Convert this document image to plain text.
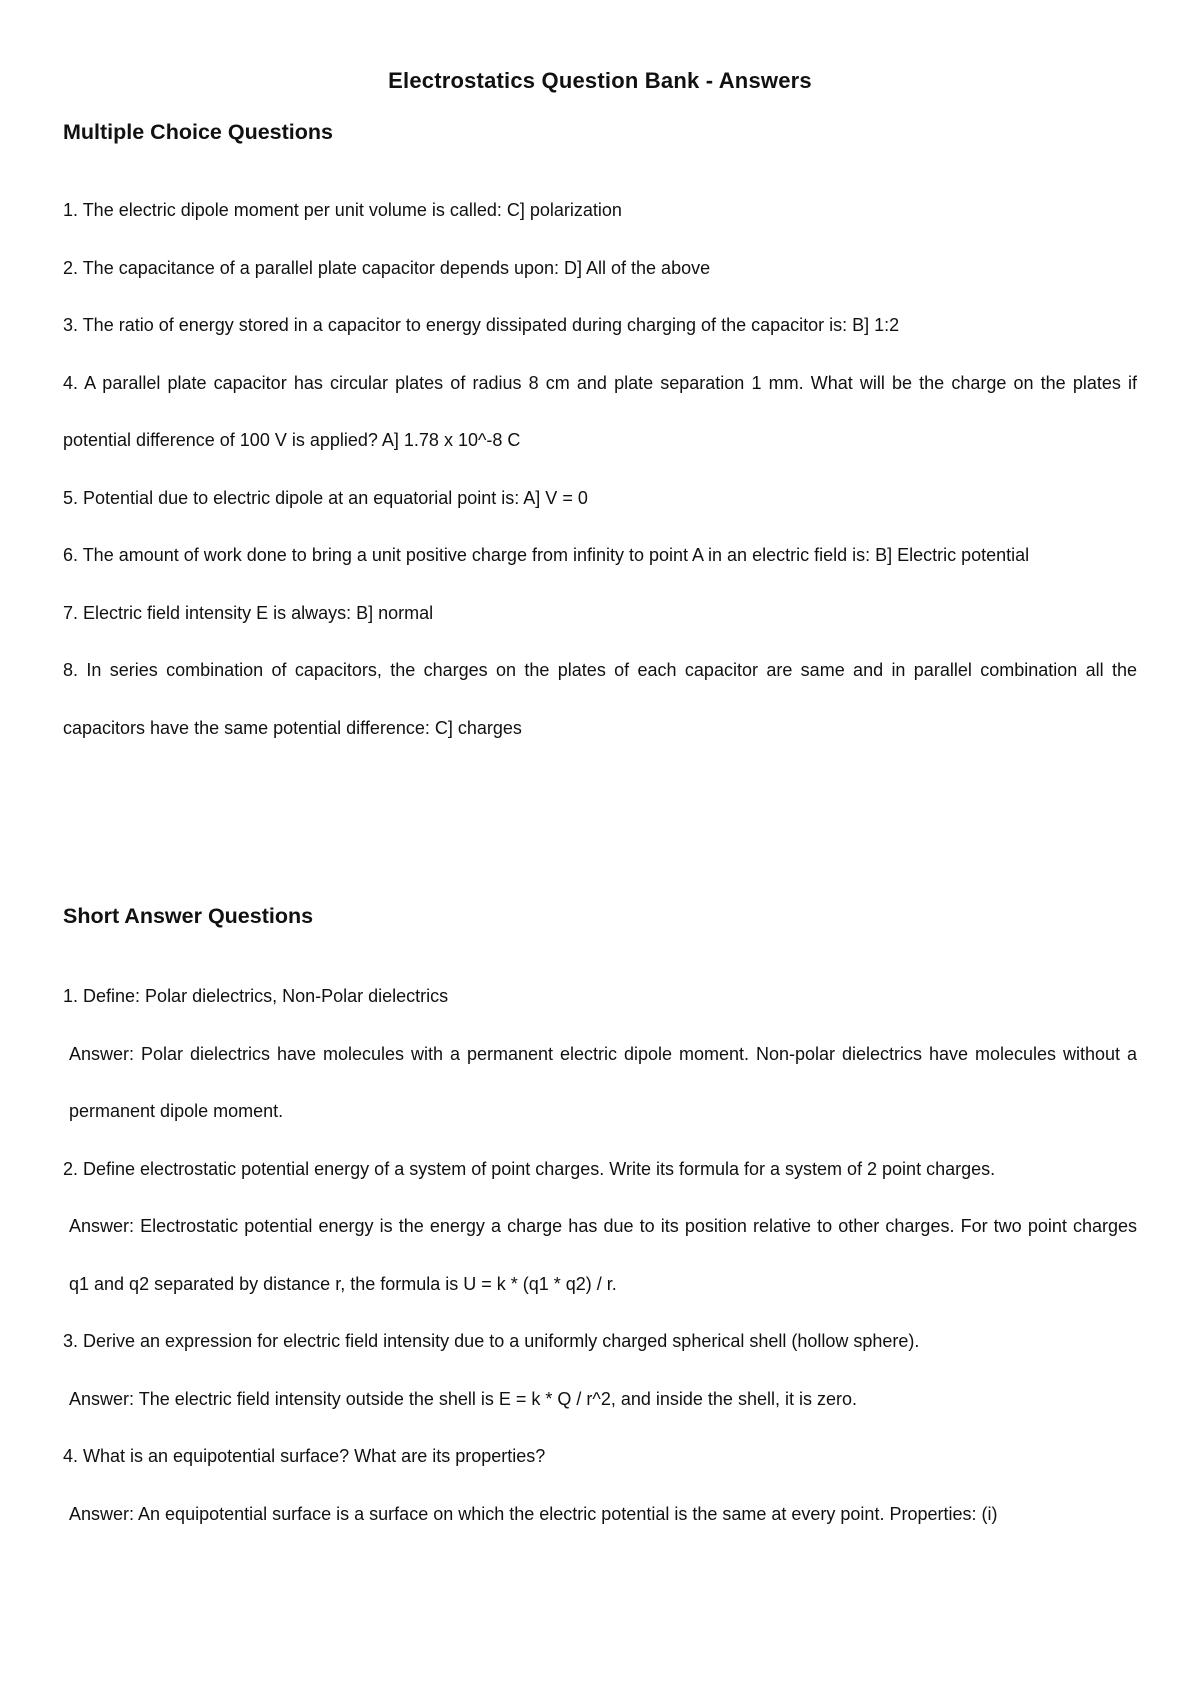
Electrostatics Question Bank - Answers
Multiple Choice Questions

1. The electric dipole moment per unit volume is called: C] polarization

2. The capacitance of a parallel plate capacitor depends upon: D] All of the above

3. The ratio of energy stored in a capacitor to energy dissipated during charging of the capacitor is: B] 1:2

4. A parallel plate capacitor has circular plates of radius 8 cm and plate separation 1 mm. What will be the charge on the plates if potential difference of 100 V is applied? A] 1.78 x 10^-8 C

5. Potential due to electric dipole at an equatorial point is: A] V = 0

6. The amount of work done to bring a unit positive charge from infinity to point A in an electric field is: B] Electric potential

7. Electric field intensity E is always: B] normal

8. In series combination of capacitors, the charges on the plates of each capacitor are same and in parallel combination all the capacitors have the same potential difference: C] charges

Short Answer Questions

1. Define: Polar dielectrics, Non-Polar dielectrics

Answer: Polar dielectrics have molecules with a permanent electric dipole moment. Non-polar dielectrics have molecules without a permanent dipole moment.

2. Define electrostatic potential energy of a system of point charges. Write its formula for a system of 2 point charges.

Answer: Electrostatic potential energy is the energy a charge has due to its position relative to other charges. For two point charges q1 and q2 separated by distance r, the formula is U = k * (q1 * q2) / r.

3. Derive an expression for electric field intensity due to a uniformly charged spherical shell (hollow sphere).

Answer: The electric field intensity outside the shell is E = k * Q / r^2, and inside the shell, it is zero.

4. What is an equipotential surface? What are its properties?

Answer: An equipotential surface is a surface on which the electric potential is the same at every point. Properties: (i)
